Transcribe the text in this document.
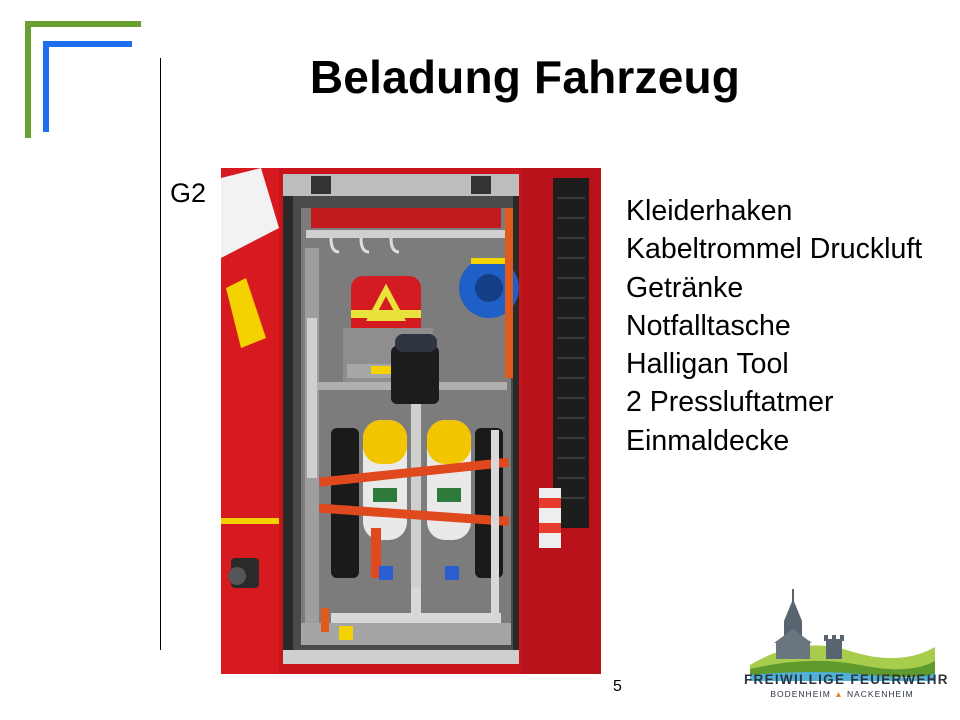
Beladung Fahrzeug
G2
Kleiderhaken
Kabeltrommel Druckluft
Getränke
Notfalltasche
Halligan Tool
2 Pressluftatmer
Einmaldecke
5	FREIWILLIGE FEUERWEHR
BODENHEIM ▲ NACKENHEIM
